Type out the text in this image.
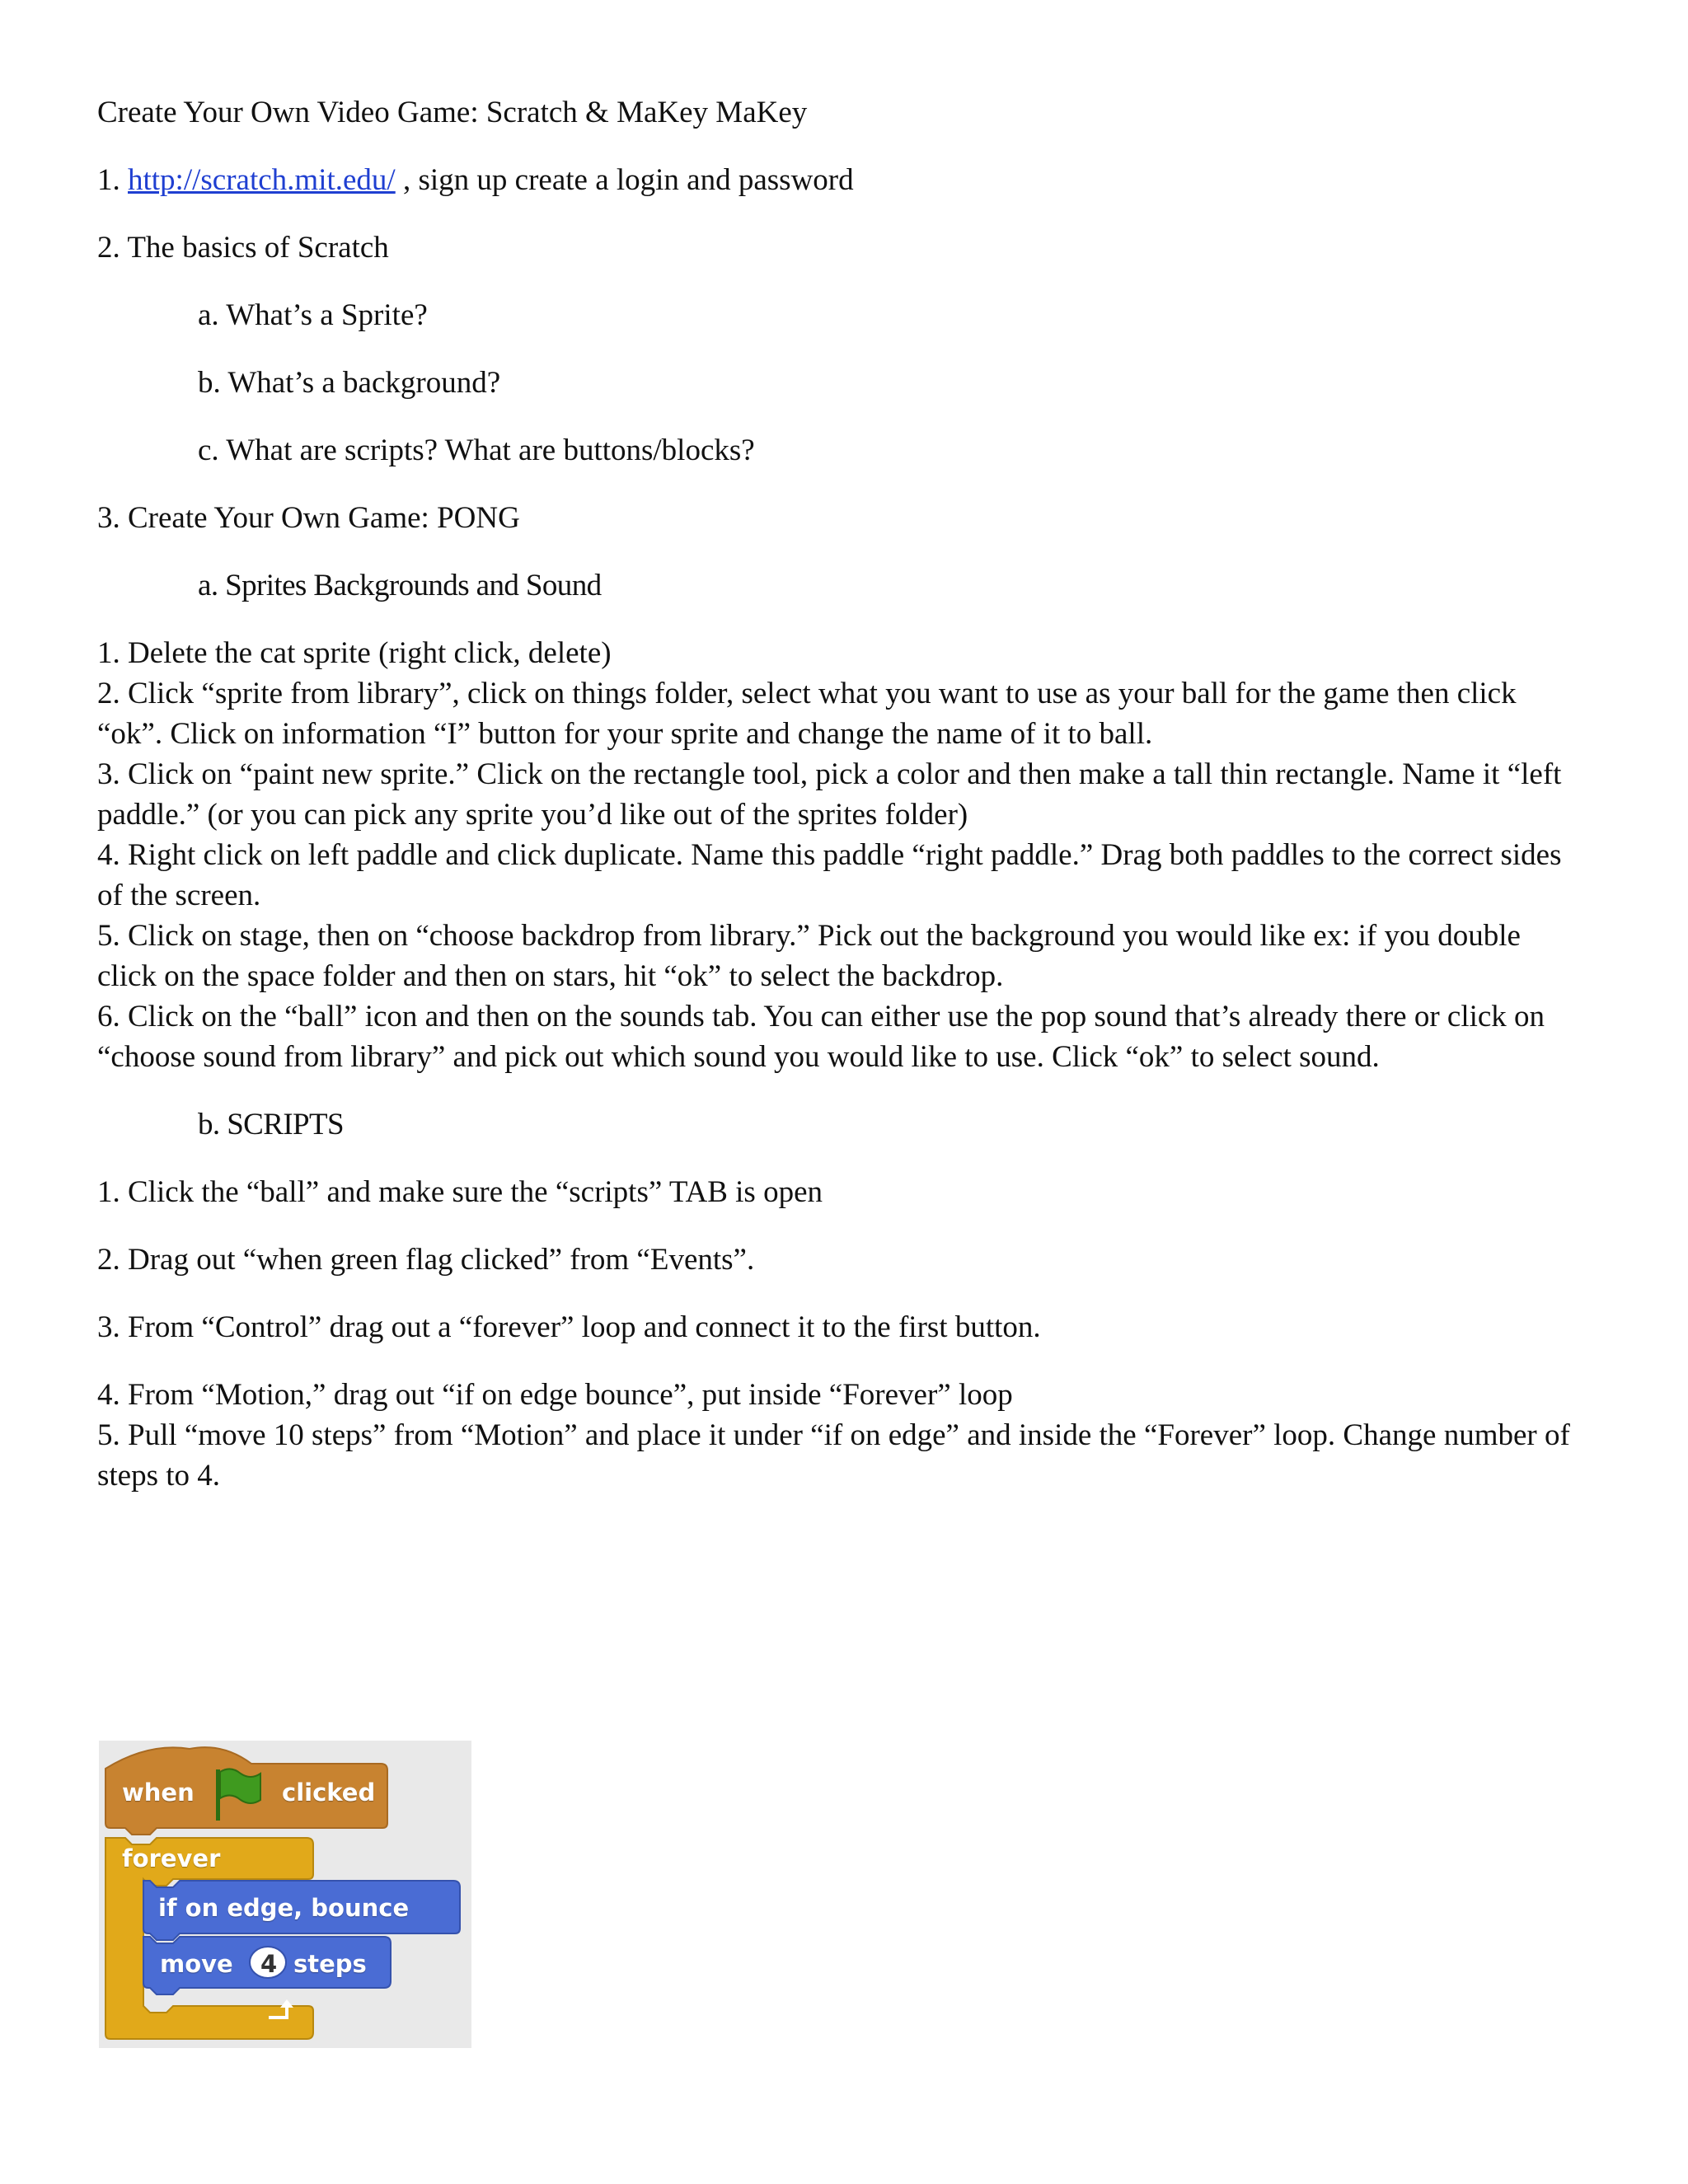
Create Your Own Video Game: Scratch & MaKey MaKey

1. http://scratch.mit.edu/ , sign up create a login and password

2. The basics of Scratch

a. What’s a Sprite?

b. What’s a background?

c. What are scripts? What are buttons/blocks?

3. Create Your Own Game: PONG

a. Sprites Backgrounds and Sound

1. Delete the cat sprite (right click, delete)

2. Click “sprite from library”, click on things folder, select what you want to use as your ball for the game then click “ok”. Click on information “I” button for your sprite and change the name of it to ball.

3. Click on “paint new sprite.” Click on the rectangle tool, pick a color and then make a tall thin rectangle. Name it “left paddle.” (or you can pick any sprite you’d like out of the sprites folder)

4. Right click on left paddle and click duplicate. Name this paddle “right paddle.” Drag both paddles to the correct sides of the screen.

5. Click on stage, then on “choose backdrop from library.” Pick out the background you would like ex: if you double click on the space folder and then on stars, hit “ok” to select the backdrop.

6. Click on the “ball” icon and then on the sounds tab. You can either use the pop sound that’s already there or click on “choose sound from library” and pick out which sound you would like to use. Click “ok” to select sound.

b. SCRIPTS

1. Click the “ball” and make sure the “scripts” TAB is open

2. Drag out “when green flag clicked” from “Events”.

3. From “Control” drag out a “forever” loop and connect it to the first button.

4. From “Motion,” drag out “if on edge bounce”, put inside “Forever” loop

5. Pull “move 10 steps” from “Motion” and place it under “if on edge” and inside the “Forever” loop. Change number of steps to 4.

when	clicked
forever
if on edge, bounce
move 4 steps
